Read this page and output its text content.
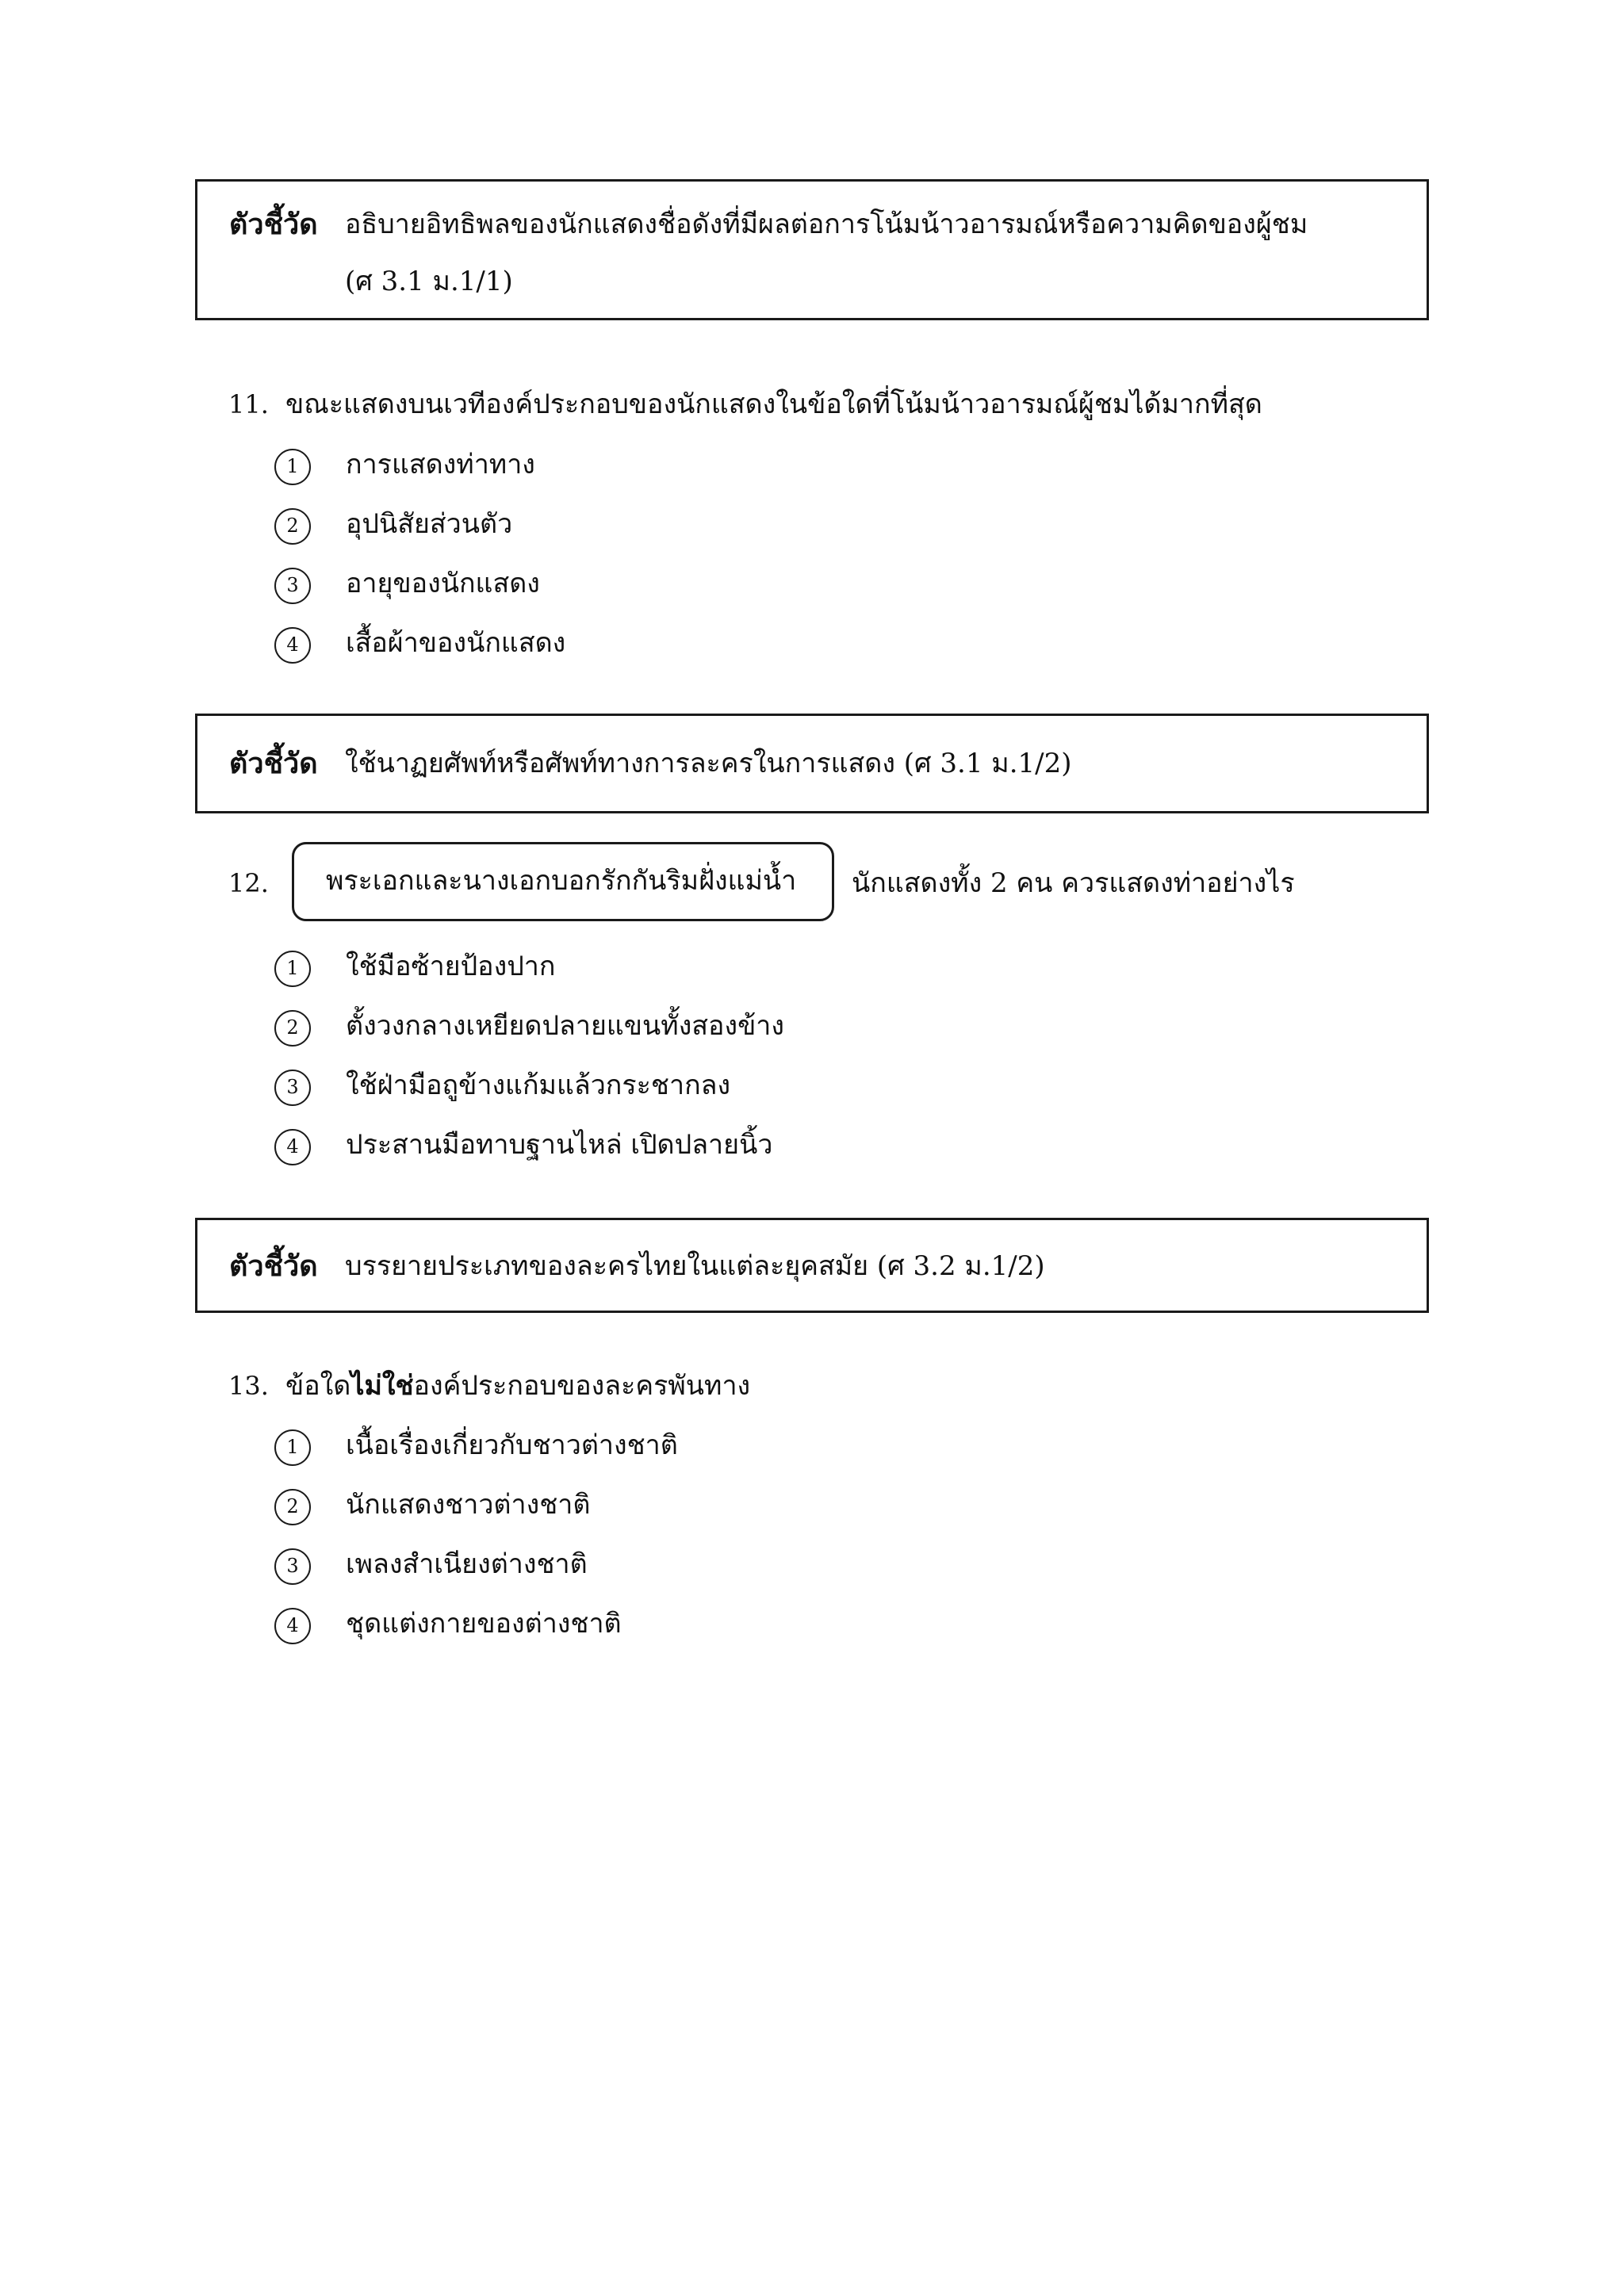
ตัวชี้วัด อธิบายอิทธิพลของนักแสดงชื่อดังที่มีผลต่อการโน้มน้าวอารมณ์หรือความคิดของผู้ชม
(ศ 3.1 ม.1/1)
11. ขณะแสดงบนเวทีองค์ประกอบของนักแสดงในข้อใดที่โน้มน้าวอารมณ์ผู้ชมได้มากที่สุด
1	การแสดงท่าทาง
2	อุปนิสัยส่วนตัว
3	อายุของนักแสดง
4	เสื้อผ้าของนักแสดง
ตัวชี้วัด ใช้นาฏยศัพท์หรือศัพท์ทางการละครในการแสดง (ศ 3.1 ม.1/2)
12. พระเอกและนางเอกบอกรักกันริมฝั่งแม่น้ำ นักแสดงทั้ง 2 คน ควรแสดงท่าอย่างไร
1	ใช้มือซ้ายป้องปาก
2	ตั้งวงกลางเหยียดปลายแขนทั้งสองข้าง
3	ใช้ฝ่ามือถูข้างแก้มแล้วกระชากลง
4	ประสานมือทาบฐานไหล่ เปิดปลายนิ้ว
ตัวชี้วัด บรรยายประเภทของละครไทยในแต่ละยุคสมัย (ศ 3.2 ม.1/2)
13. ข้อใดไม่ใช่องค์ประกอบของละครพันทาง
1	เนื้อเรื่องเกี่ยวกับชาวต่างชาติ
2	นักแสดงชาวต่างชาติ
3	เพลงสำเนียงต่างชาติ
4	ชุดแต่งกายของต่างชาติ
